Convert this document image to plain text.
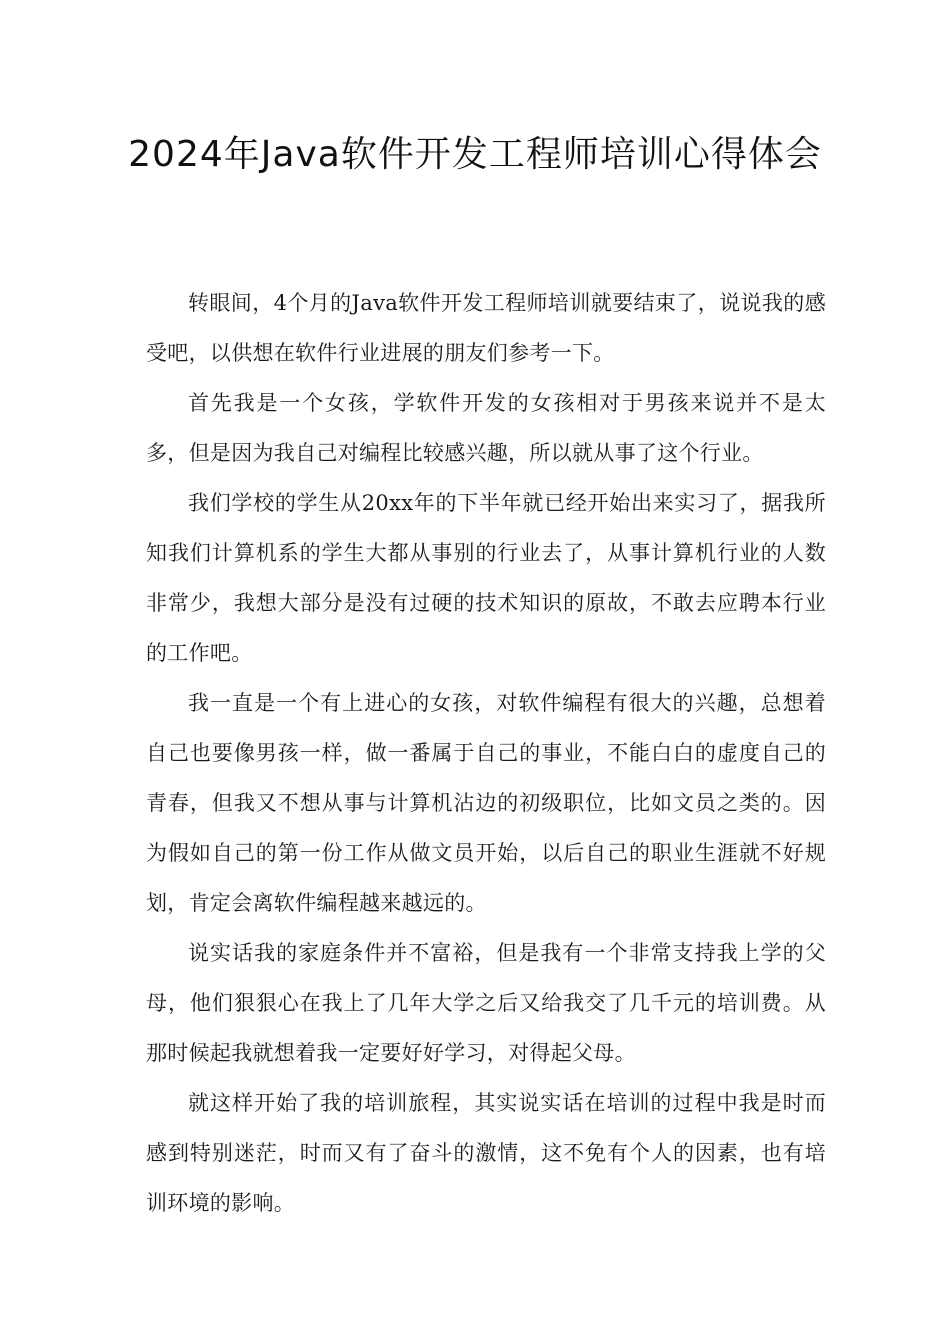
2024年Java软件开发工程师培训心得体会

转眼间，4个月的Java软件开发工程师培训就要结束了，说说我的感受吧，以供想在软件行业进展的朋友们参考一下。

首先我是一个女孩，学软件开发的女孩相对于男孩来说并不是太多，但是因为我自己对编程比较感兴趣，所以就从事了这个行业。

我们学校的学生从20xx年的下半年就已经开始出来实习了，据我所知我们计算机系的学生大都从事别的行业去了，从事计算机行业的人数非常少，我想大部分是没有过硬的技术知识的原故，不敢去应聘本行业的工作吧。

我一直是一个有上进心的女孩，对软件编程有很大的兴趣，总想着自己也要像男孩一样，做一番属于自己的事业，不能白白的虚度自己的青春，但我又不想从事与计算机沾边的初级职位，比如文员之类的。因为假如自己的第一份工作从做文员开始，以后自己的职业生涯就不好规划，肯定会离软件编程越来越远的。

说实话我的家庭条件并不富裕，但是我有一个非常支持我上学的父母，他们狠狠心在我上了几年大学之后又给我交了几千元的培训费。从那时候起我就想着我一定要好好学习，对得起父母。

就这样开始了我的培训旅程，其实说实话在培训的过程中我是时而感到特别迷茫，时而又有了奋斗的激情，这不免有个人的因素，也有培训环境的影响。
